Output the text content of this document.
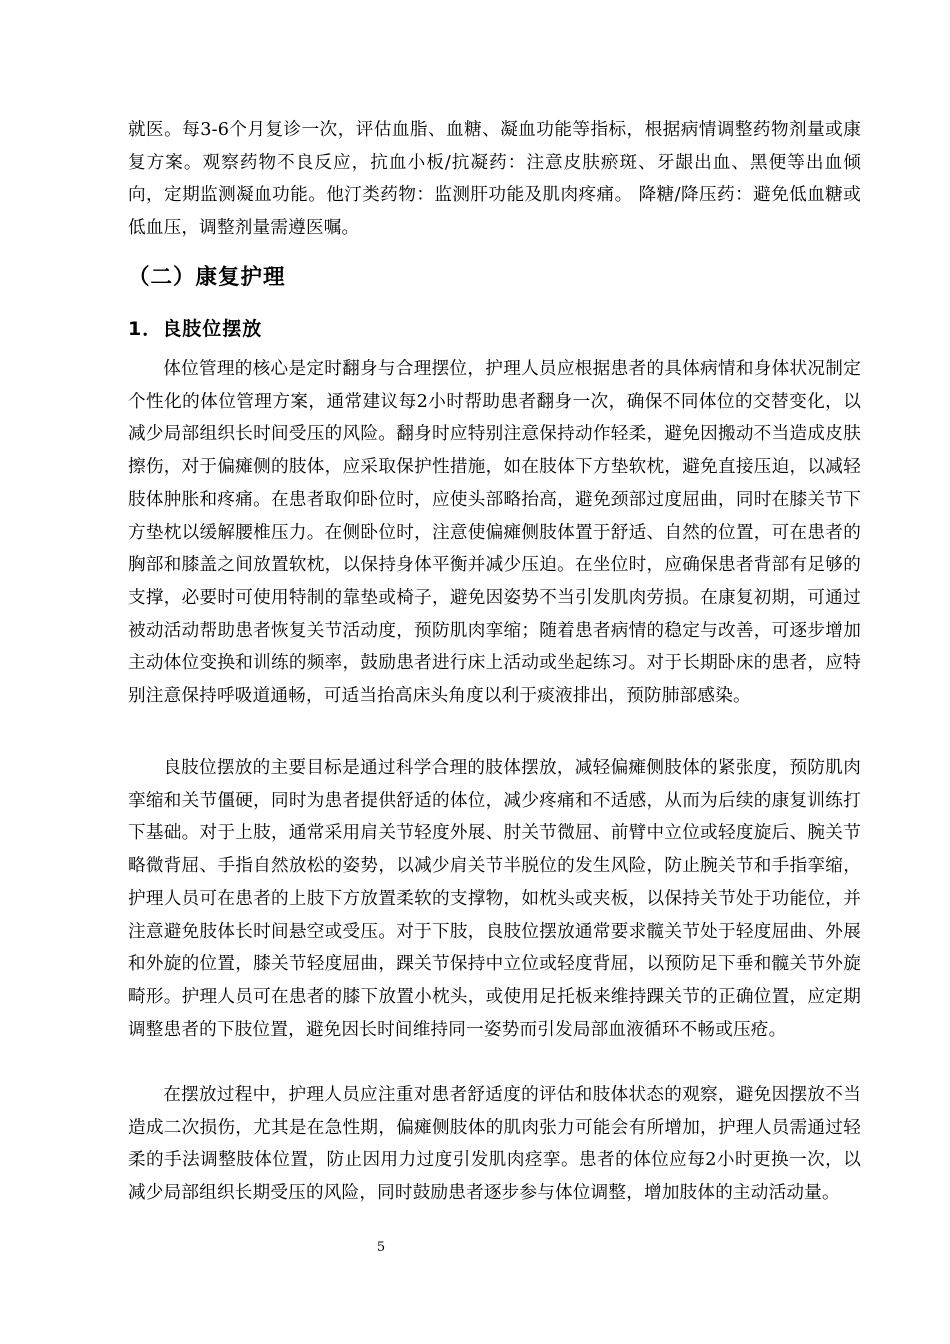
就医。每3-6个月复诊一次，评估血脂、血糖、凝血功能等指标，根据病情调整药物剂量或康复方案。观察药物不良反应，抗血小板/抗凝药：注意皮肤瘀斑、牙龈出血、黑便等出血倾向，定期监测凝血功能。他汀类药物：监测肝功能及肌肉疼痛。 降糖/降压药：避免低血糖或低血压，调整剂量需遵医嘱。

（二）康复护理
1．良肢位摆放

体位管理的核心是定时翻身与合理摆位，护理人员应根据患者的具体病情和身体状况制定个性化的体位管理方案，通常建议每2小时帮助患者翻身一次，确保不同体位的交替变化，以减少局部组织长时间受压的风险。翻身时应特别注意保持动作轻柔，避免因搬动不当造成皮肤擦伤，对于偏瘫侧的肢体，应采取保护性措施，如在肢体下方垫软枕，避免直接压迫，以减轻肢体肿胀和疼痛。在患者取仰卧位时，应使头部略抬高，避免颈部过度屈曲，同时在膝关节下方垫枕以缓解腰椎压力。在侧卧位时，注意使偏瘫侧肢体置于舒适、自然的位置，可在患者的胸部和膝盖之间放置软枕，以保持身体平衡并减少压迫。在坐位时，应确保患者背部有足够的支撑，必要时可使用特制的靠垫或椅子，避免因姿势不当引发肌肉劳损。在康复初期，可通过被动活动帮助患者恢复关节活动度，预防肌肉挛缩；随着患者病情的稳定与改善，可逐步增加主动体位变换和训练的频率，鼓励患者进行床上活动或坐起练习。对于长期卧床的患者，应特别注意保持呼吸道通畅，可适当抬高床头角度以利于痰液排出，预防肺部感染。

良肢位摆放的主要目标是通过科学合理的肢体摆放，减轻偏瘫侧肢体的紧张度，预防肌肉挛缩和关节僵硬，同时为患者提供舒适的体位，减少疼痛和不适感，从而为后续的康复训练打下基础。对于上肢，通常采用肩关节轻度外展、肘关节微屈、前臂中立位或轻度旋后、腕关节略微背屈、手指自然放松的姿势，以减少肩关节半脱位的发生风险，防止腕关节和手指挛缩，护理人员可在患者的上肢下方放置柔软的支撑物，如枕头或夹板，以保持关节处于功能位，并注意避免肢体长时间悬空或受压。对于下肢，良肢位摆放通常要求髋关节处于轻度屈曲、外展和外旋的位置，膝关节轻度屈曲，踝关节保持中立位或轻度背屈，以预防足下垂和髋关节外旋畸形。护理人员可在患者的膝下放置小枕头，或使用足托板来维持踝关节的正确位置，应定期调整患者的下肢位置，避免因长时间维持同一姿势而引发局部血液循环不畅或压疮。

在摆放过程中，护理人员应注重对患者舒适度的评估和肢体状态的观察，避免因摆放不当造成二次损伤，尤其是在急性期，偏瘫侧肢体的肌肉张力可能会有所增加，护理人员需通过轻柔的手法调整肢体位置，防止因用力过度引发肌肉痉挛。患者的体位应每2小时更换一次，以减少局部组织长期受压的风险，同时鼓励患者逐步参与体位调整，增加肢体的主动活动量。

5
